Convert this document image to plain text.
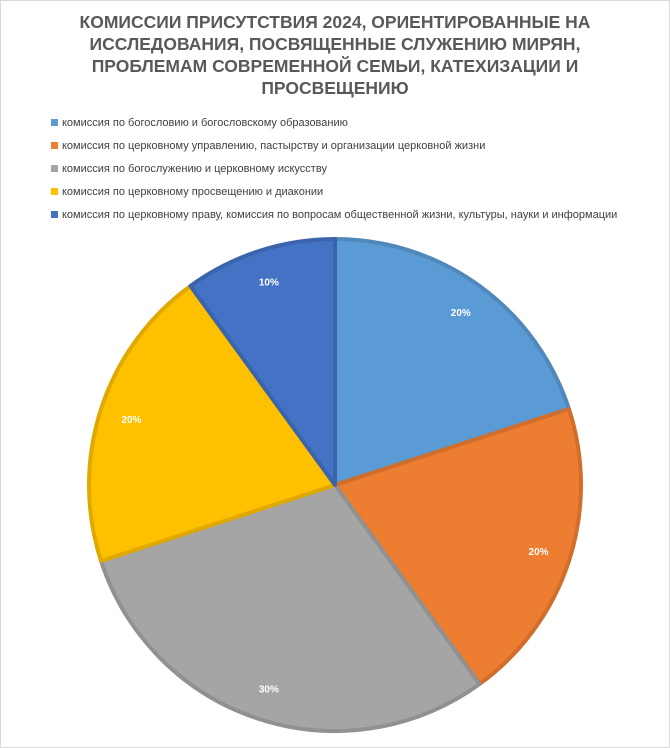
КОМИССИИ ПРИСУТСТВИЯ 2024, ОРИЕНТИРОВАННЫЕ НА ИССЛЕДОВАНИЯ, ПОСВЯЩЕННЫЕ СЛУЖЕНИЮ МИРЯН, ПРОБЛЕМАМ СОВРЕМЕННОЙ СЕМЬИ, КАТЕХИЗАЦИИ И ПРОСВЕЩЕНИЮ
комиссия по богословию и богословскому образованию
комиссия по церковному управлению, пастырству и организации церковной жизни
комиссия по богослужению и церковному искусству
комиссия по церковному просвещению и диаконии
комиссия по церковному праву, комиссия по вопросам общественной жизни, культуры, науки и информации
20%
20%
30%
20%
10%
